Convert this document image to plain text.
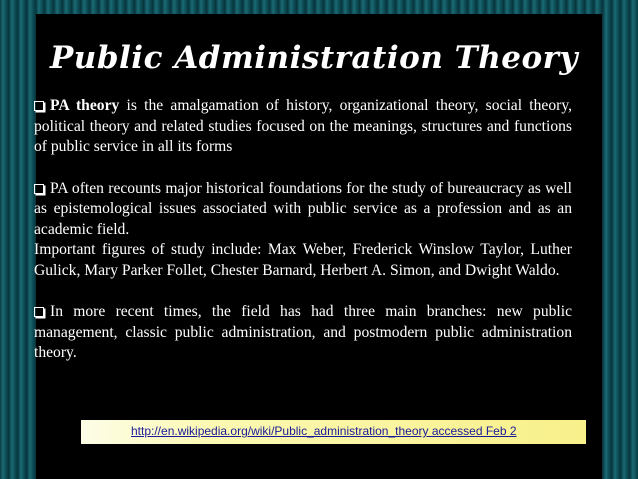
Public Administration Theory

PA theory is the amalgamation of history, organizational theory, social theory, political theory and related studies focused on the meanings, structures and functions of public service in all its forms

PA often recounts major historical foundations for the study of bureaucracy as well as epistemological issues associated with public service as a profession and as an academic field.

Important figures of study include: Max Weber, Frederick Winslow Taylor, Luther Gulick, Mary Parker Follet, Chester Barnard, Herbert A. Simon, and Dwight Waldo.

In more recent times, the field has had three main branches: new public management, classic public administration, and postmodern public administration theory.

http://en.wikipedia.org/wiki/Public_administration_theory accessed Feb 2
